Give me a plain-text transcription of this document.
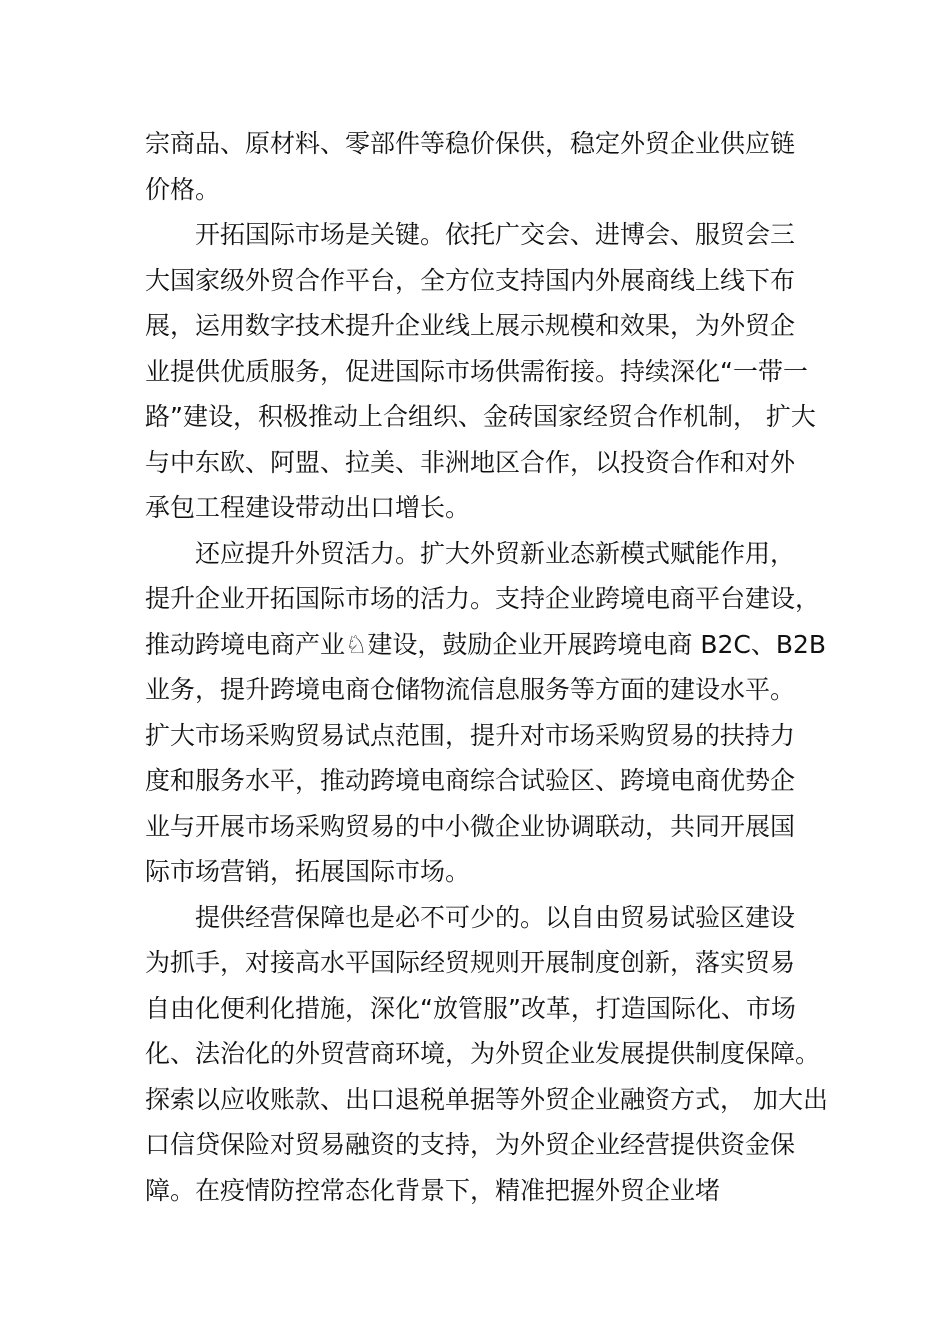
宗商品、原材料、零部件等稳价保供，稳定外贸企业供应链
价格。
开拓国际市场是关键。依托广交会、进博会、服贸会三
大国家级外贸合作平台，全方位支持国内外展商线上线下布
展，运用数字技术提升企业线上展示规模和效果，为外贸企
业提供优质服务，促进国际市场供需衔接。持续深化“一带一
路”建设，积极推动上合组织、金砖国家经贸合作机制， 扩大
与中东欧、阿盟、拉美、非洲地区合作，以投资合作和对外
承包工程建设带动出口增长。
还应提升外贸活力。扩大外贸新业态新模式赋能作用，
提升企业开拓国际市场的活力。支持企业跨境电商平台建设，
推动跨境电商产业♘建设，鼓励企业开展跨境电商 B2C、B2B
业务，提升跨境电商仓储物流信息服务等方面的建设水平。
扩大市场采购贸易试点范围，提升对市场采购贸易的扶持力
度和服务水平，推动跨境电商综合试验区、跨境电商优势企
业与开展市场采购贸易的中小微企业协调联动，共同开展国
际市场营销，拓展国际市场。
提供经营保障也是必不可少的。以自由贸易试验区建设
为抓手，对接高水平国际经贸规则开展制度创新，落实贸易
自由化便利化措施，深化“放管服”改革，打造国际化、市场
化、法治化的外贸营商环境，为外贸企业发展提供制度保障。
探索以应收账款、出口退税单据等外贸企业融资方式， 加大出
口信贷保险对贸易融资的支持，为外贸企业经营提供资金保
障。在疫情防控常态化背景下，精准把握外贸企业堵
